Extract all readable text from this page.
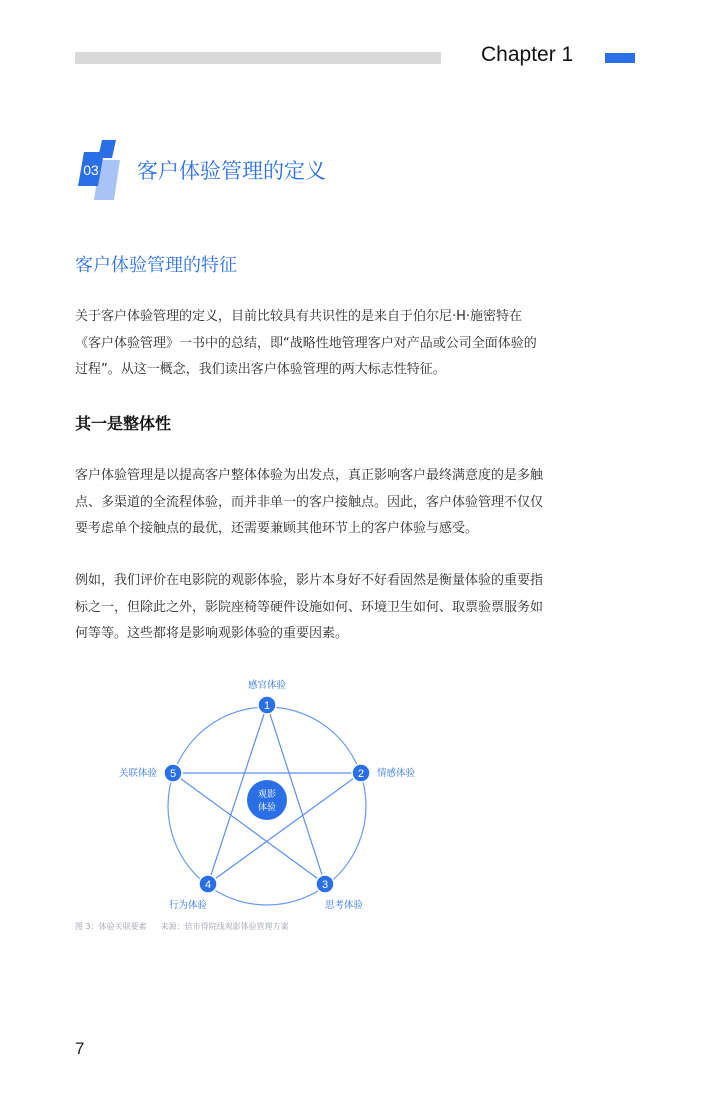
Chapter 1
03 客户体验管理的定义
客户体验管理的特征

关于客户体验管理的定义，目前比较具有共识性的是来自于伯尔尼·H·施密特在《客户体验管理》一书中的总结，即“战略性地管理客户对产品或公司全面体验的过程”。从这一概念，我们读出客户体验管理的两大标志性特征。

其一是整体性

客户体验管理是以提高客户整体体验为出发点，真正影响客户最终满意度的是多触点、多渠道的全流程体验，而并非单一的客户接触点。因此，客户体验管理不仅仅要考虑单个接触点的最优，还需要兼顾其他环节上的客户体验与感受。

例如，我们评价在电影院的观影体验，影片本身好不好看固然是衡量体验的重要指标之一，但除此之外，影院座椅等硬件设施如何、环境卫生如何、取票验票服务如何等等。这些都将是影响观影体验的重要因素。

观影
体验
1
感官体验
2 情感体验
3
思考体验
4
行为体验
5
关联体验
图 3：体验关联要素 来源：倍市得院线观影体验管理方案
7
